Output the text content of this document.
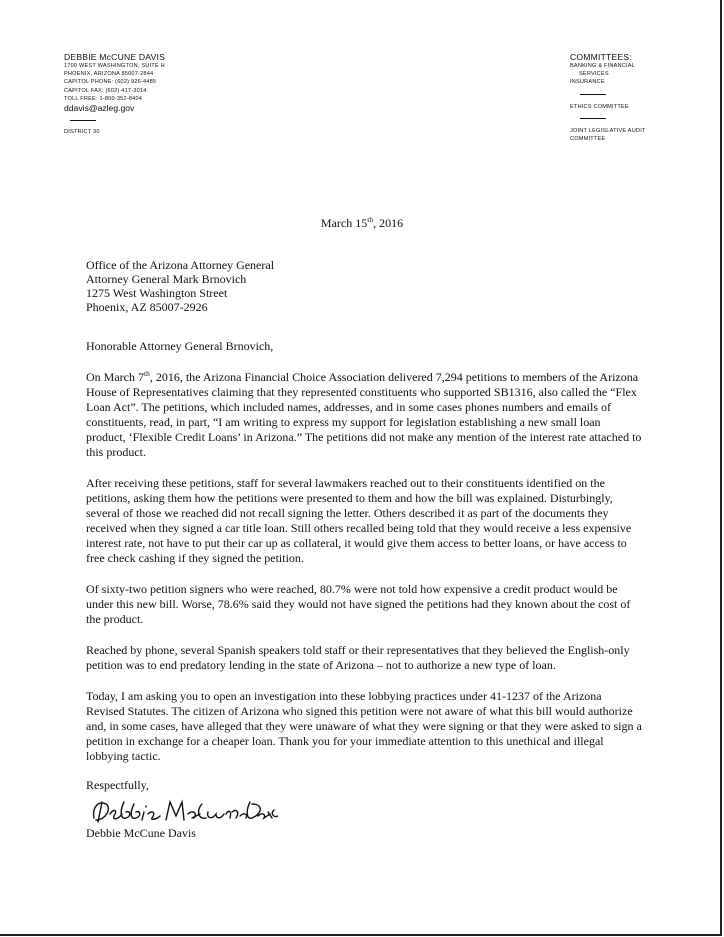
DEBBIE McCUNE DAVIS
1700 WEST WASHINGTON, SUITE H
PHOENIX, ARIZONA 85007-2844
CAPITOL PHONE: (602) 926-4485
CAPITOL FAX: (602) 417-3014
TOLL FREE: 1-800-352-8404
ddavis@azleg.gov
DISTRICT 30
COMMITTEES:
BANKING & FINANCIAL
SERVICES
INSURANCE
ETHICS COMMITTEE
JOINT LEGISLATIVE AUDIT
COMMITTEE
March 15th, 2016
Office of the Arizona Attorney General
Attorney General Mark Brnovich
1275 West Washington Street
Phoenix, AZ 85007-2926

Honorable Attorney General Brnovich,

On March 7th, 2016, the Arizona Financial Choice Association delivered 7,294 petitions to members of the Arizona House of Representatives claiming that they represented constituents who supported SB1316, also called the “Flex Loan Act”. The petitions, which included names, addresses, and in some cases phones numbers and emails of constituents, read, in part, “I am writing to express my support for legislation establishing a new small loan product, ‘Flexible Credit Loans’ in Arizona.” The petitions did not make any mention of the interest rate attached to this product.

After receiving these petitions, staff for several lawmakers reached out to their constituents identified on the petitions, asking them how the petitions were presented to them and how the bill was explained. Disturbingly, several of those we reached did not recall signing the letter. Others described it as part of the documents they received when they signed a car title loan. Still others recalled being told that they would receive a less expensive interest rate, not have to put their car up as collateral, it would give them access to better loans, or have access to free check cashing if they signed the petition.

Of sixty-two petition signers who were reached, 80.7% were not told how expensive a credit product would be under this new bill. Worse, 78.6% said they would not have signed the petitions had they known about the cost of the product.

Reached by phone, several Spanish speakers told staff or their representatives that they believed the English-only petition was to end predatory lending in the state of Arizona – not to authorize a new type of loan.

Today, I am asking you to open an investigation into these lobbying practices under 41-1237 of the Arizona Revised Statutes. The citizen of Arizona who signed this petition were not aware of what this bill would authorize and, in some cases, have alleged that they were unaware of what they were signing or that they were asked to sign a petition in exchange for a cheaper loan. Thank you for your immediate attention to this unethical and illegal lobbying tactic.

Respectfully,
Debbie McCune Davis
